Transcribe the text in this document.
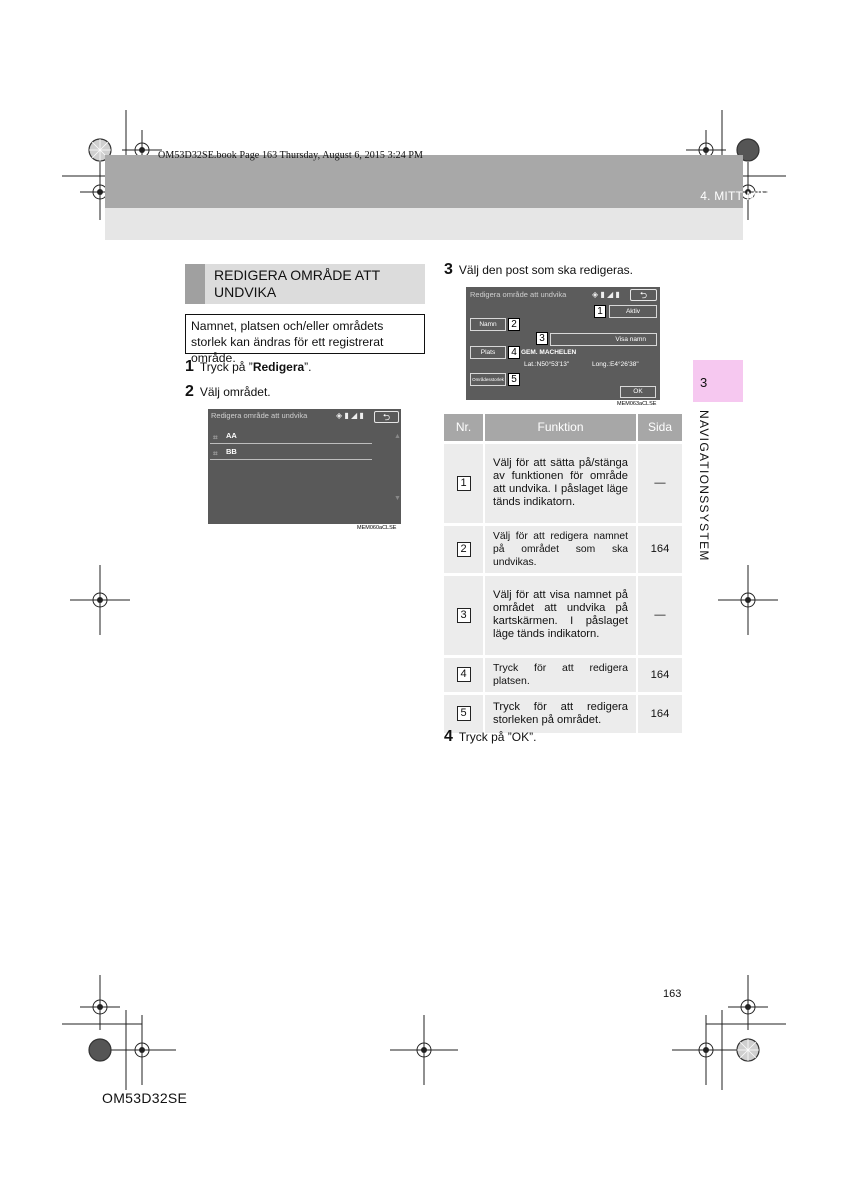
OM53D32SE.book Page 163 Thursday, August 6, 2015 3:24 PM
4. MITT MINNE
3
NAVIGATIONSSYSTEM
REDIGERA OMRÅDE ATT
UNDVIKA
Namnet, platsen och/eller områdets storlek kan ändras för ett registrerat område.
1 Tryck på ”Redigera”.
2 Välj området.
Redigera område att undvika	◈ ▮ ◢ ▮	⮌
⌗ AA
⌗ BB
▲
▼
MEM060aCLSE
3 Välj den post som ska redigeras.
Redigera område att undvika	◈ ▮ ◢ ▮	⮌
Aktiv
Namn
Visa namn
Plats	GEM. MACHELEN
Lat.:N50°53'13"	Long.:E4°26'38"
Områdesstorlek
OK
1
2
3
4
5
MEM063aCLSE
Nr.	Funktion	Sida
1	Välj för att sätta på/stänga av funktionen för område att undvika. I påslaget läge tänds indikatorn.	—
2	Välj för att redigera namnet på området som ska undvikas.	164
3	Välj för att visa namnet på området att undvika på kartskärmen. I påslaget läge tänds indikatorn.	—
4	Tryck för att redigera platsen.	164
5	Tryck för att redigera storleken på området.	164
4 Tryck på ”OK”.
163
OM53D32SE
